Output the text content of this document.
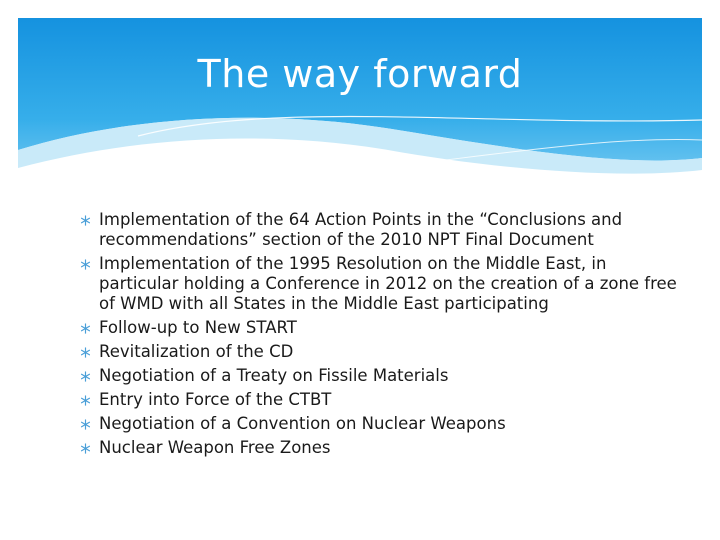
The way forward
Implementation of the 64 Action Points in the “Conclusions and recommendations” section of the 2010 NPT Final Document
Implementation of the 1995 Resolution on the Middle East, in particular holding a Conference in 2012 on the creation of a zone free of WMD with all States in the Middle East participating
Follow-up to New START
Revitalization of the CD
Negotiation of a Treaty on Fissile Materials
Entry into Force of the CTBT
Negotiation of a Convention on Nuclear Weapons
Nuclear Weapon Free Zones
